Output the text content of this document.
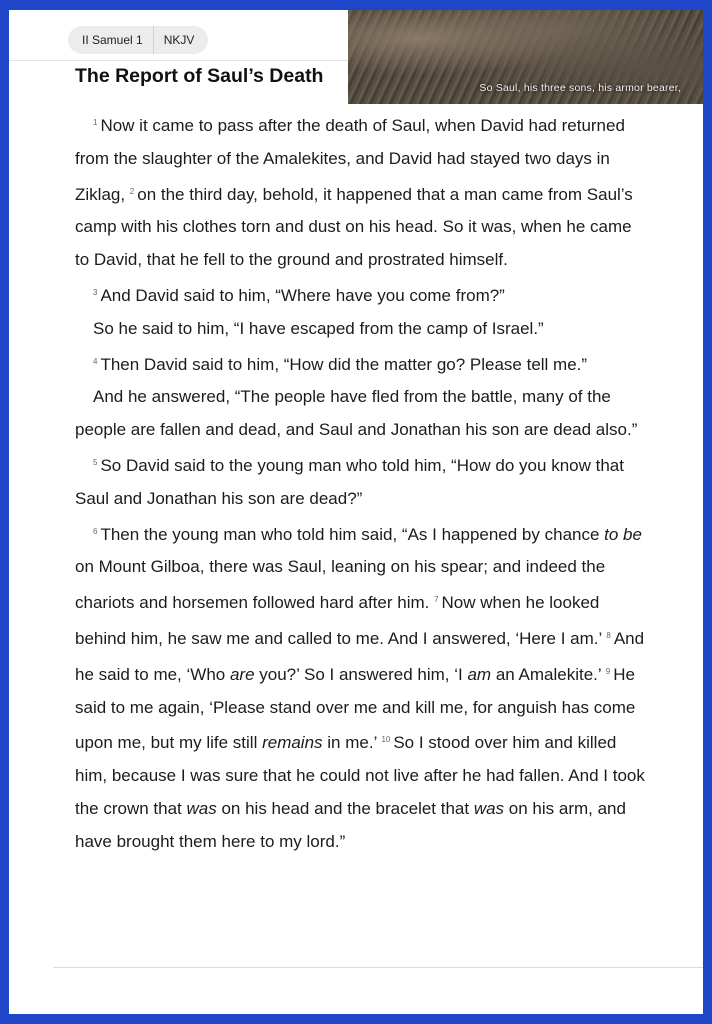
II Samuel 1	NKJV
So Saul, his three sons, his armor bearer,
The Report of Saul’s Death

$^1$ Now it came to pass after the death of Saul, when David had returned from the slaughter of the Amalekites, and David had stayed two days in Ziklag, $^2$ on the third day, behold, it happened that a man came from Saul’s camp with his clothes torn and dust on his head. So it was, when he came to David, that he fell to the ground and prostrated himself.

$^3$ And David said to him, “Where have you come from?”

So he said to him, “I have escaped from the camp of Israel.”

$^4$ Then David said to him, “How did the matter go? Please tell me.”

And he answered, “The people have fled from the battle, many of the people are fallen and dead, and Saul and Jonathan his son are dead also.”

$^5$ So David said to the young man who told him, “How do you know that Saul and Jonathan his son are dead?”

$^6$ Then the young man who told him said, “As I happened by chance to be on Mount Gilboa, there was Saul, leaning on his spear; and indeed the chariots and horsemen followed hard after him. $^7$ Now when he looked behind him, he saw me and called to me. And I answered, ‘Here I am.’ $^8$ And he said to me, ‘Who are you?’ So I answered him, ‘I am an Amalekite.’ $^9$ He said to me again, ‘Please stand over me and kill me, for anguish has come upon me, but my life still remains in me.’ $^{10}$ So I stood over him and killed him, because I was sure that he could not live after he had fallen. And I took the crown that was on his head and the bracelet that was on his arm, and have brought them here to my lord.”
